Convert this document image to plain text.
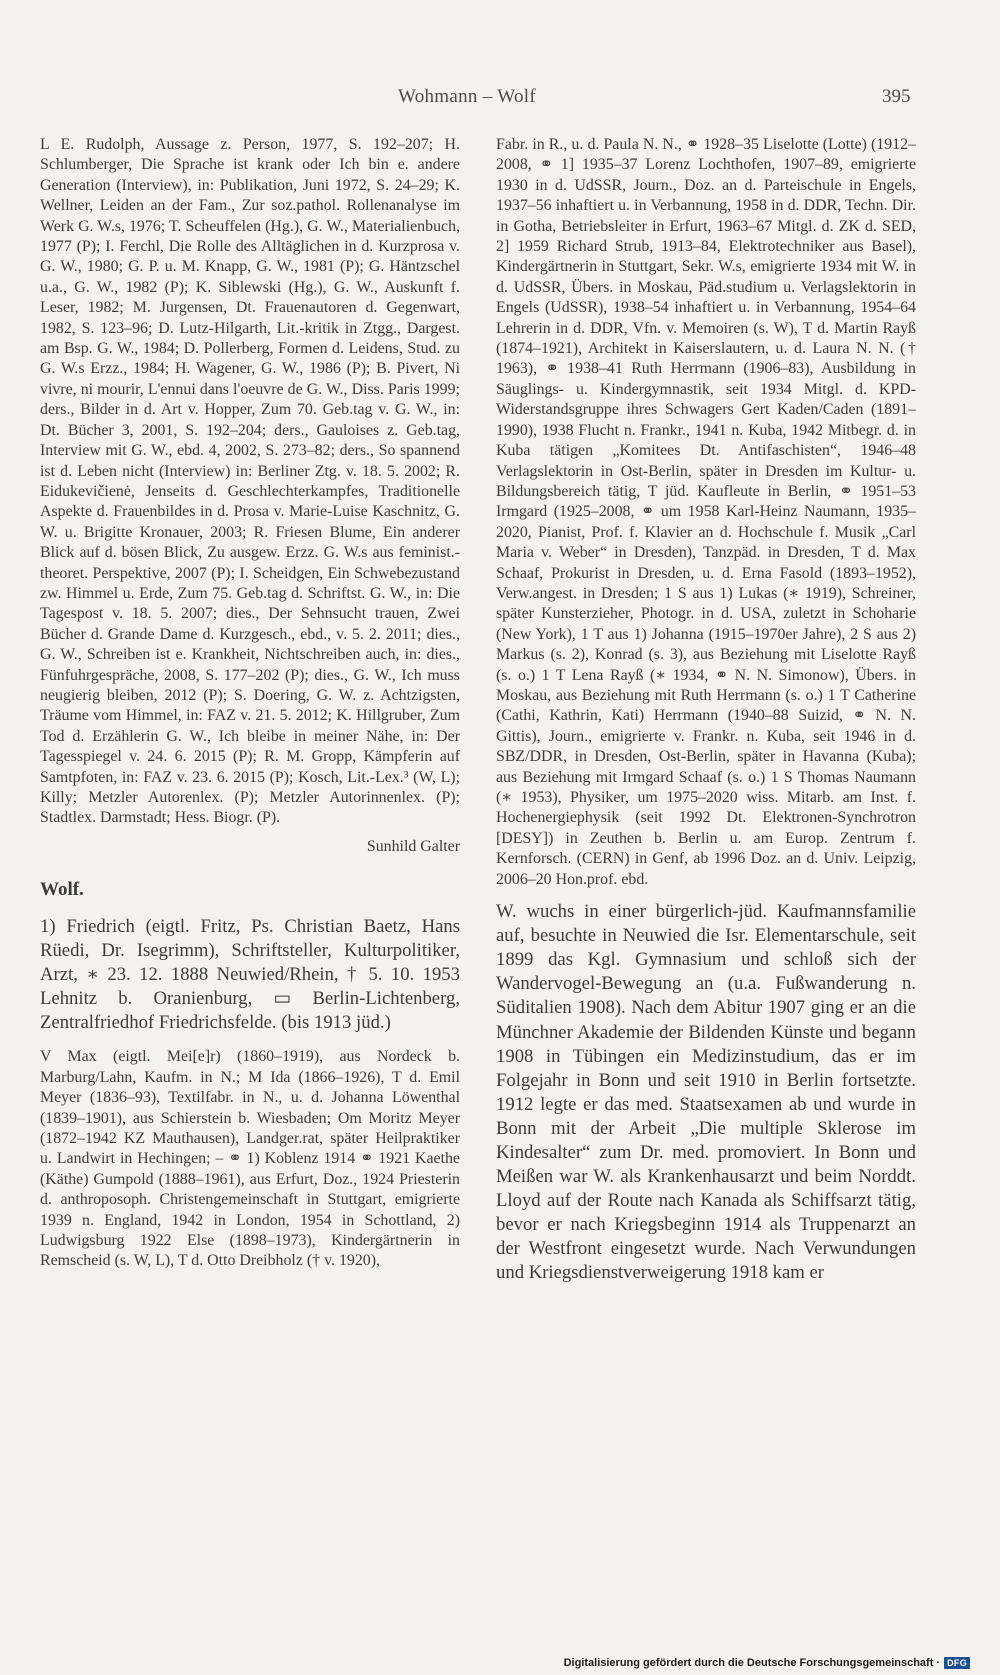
Wohmann – Wolf	395

L E. Rudolph, Aussage z. Person, 1977, S. 192–207; H. Schlumberger, Die Sprache ist krank oder Ich bin e. andere Generation (Interview), in: Publikation, Juni 1972, S. 24–29; K. Wellner, Leiden an der Fam., Zur soz.pathol. Rollenanalyse im Werk G. W.s, 1976; T. Scheuffelen (Hg.), G. W., Materialienbuch, 1977 (P); I. Ferchl, Die Rolle des Alltäglichen in d. Kurzprosa v. G. W., 1980; G. P. u. M. Knapp, G. W., 1981 (P); G. Häntzschel u.a., G. W., 1982 (P); K. Siblewski (Hg.), G. W., Auskunft f. Leser, 1982; M. Jurgensen, Dt. Frauenautoren d. Gegenwart, 1982, S. 123–96; D. Lutz-Hilgarth, Lit.-kritik in Ztgg., Dargest. am Bsp. G. W., 1984; D. Pollerberg, Formen d. Leidens, Stud. zu G. W.s Erzz., 1984; H. Wagener, G. W., 1986 (P); B. Pivert, Ni vivre, ni mourir, L'ennui dans l'oeuvre de G. W., Diss. Paris 1999; ders., Bilder in d. Art v. Hopper, Zum 70. Geb.tag v. G. W., in: Dt. Bücher 3, 2001, S. 192–204; ders., Gauloises z. Geb.tag, Interview mit G. W., ebd. 4, 2002, S. 273–82; ders., So spannend ist d. Leben nicht (Interview) in: Berliner Ztg. v. 18. 5. 2002; R. Eidukevičienė, Jenseits d. Geschlechterkampfes, Traditionelle Aspekte d. Frauenbildes in d. Prosa v. Marie-Luise Kaschnitz, G. W. u. Brigitte Kronauer, 2003; R. Friesen Blume, Ein anderer Blick auf d. bösen Blick, Zu ausgew. Erzz. G. W.s aus feminist.-theoret. Perspektive, 2007 (P); I. Scheidgen, Ein Schwebezustand zw. Himmel u. Erde, Zum 75. Geb.tag d. Schriftst. G. W., in: Die Tagespost v. 18. 5. 2007; dies., Der Sehnsucht trauen, Zwei Bücher d. Grande Dame d. Kurzgesch., ebd., v. 5. 2. 2011; dies., G. W., Schreiben ist e. Krankheit, Nichtschreiben auch, in: dies., Fünfuhrgespräche, 2008, S. 177–202 (P); dies., G. W., Ich muss neugierig bleiben, 2012 (P); S. Doering, G. W. z. Achtzigsten, Träume vom Himmel, in: FAZ v. 21. 5. 2012; K. Hillgruber, Zum Tod d. Erzählerin G. W., Ich bleibe in meiner Nähe, in: Der Tagesspiegel v. 24. 6. 2015 (P); R. M. Gropp, Kämpferin auf Samtpfoten, in: FAZ v. 23. 6. 2015 (P); Kosch, Lit.-Lex.³ (W, L); Killy; Metzler Autorenlex. (P); Metzler Autorinnenlex. (P); Stadtlex. Darmstadt; Hess. Biogr. (P).

Sunhild Galter
Wolf.

1) Friedrich (eigtl. Fritz, Ps. Christian Baetz, Hans Rüedi, Dr. Isegrimm), Schriftsteller, Kulturpolitiker, Arzt, ∗ 23. 12. 1888 Neuwied/Rhein, † 5. 10. 1953 Lehnitz b. Oranienburg, ▭ Berlin-Lichtenberg, Zentralfriedhof Friedrichsfelde. (bis 1913 jüd.)

V Max (eigtl. Mei[e]r) (1860–1919), aus Nordeck b. Marburg/Lahn, Kaufm. in N.; M Ida (1866–1926), T d. Emil Meyer (1836–93), Textilfabr. in N., u. d. Johanna Löwenthal (1839–1901), aus Schierstein b. Wiesbaden; Om Moritz Meyer (1872–1942 KZ Mauthausen), Landger.rat, später Heilpraktiker u. Landwirt in Hechingen; – ⚭ 1) Koblenz 1914 ⚭ 1921 Kaethe (Käthe) Gumpold (1888–1961), aus Erfurt, Doz., 1924 Priesterin d. anthroposoph. Christengemeinschaft in Stuttgart, emigrierte 1939 n. England, 1942 in London, 1954 in Schottland, 2) Ludwigsburg 1922 Else (1898–1973), Kindergärtnerin in Remscheid (s. W, L), T d. Otto Dreibholz († v. 1920),

Fabr. in R., u. d. Paula N. N., ⚭ 1928–35 Liselotte (Lotte) (1912–2008, ⚭ 1] 1935–37 Lorenz Lochthofen, 1907–89, emigrierte 1930 in d. UdSSR, Journ., Doz. an d. Parteischule in Engels, 1937–56 inhaftiert u. in Verbannung, 1958 in d. DDR, Techn. Dir. in Gotha, Betriebsleiter in Erfurt, 1963–67 Mitgl. d. ZK d. SED, 2] 1959 Richard Strub, 1913–84, Elektrotechniker aus Basel), Kindergärtnerin in Stuttgart, Sekr. W.s, emigrierte 1934 mit W. in d. UdSSR, Übers. in Moskau, Päd.studium u. Verlagslektorin in Engels (UdSSR), 1938–54 inhaftiert u. in Verbannung, 1954–64 Lehrerin in d. DDR, Vfn. v. Memoiren (s. W), T d. Martin Rayß (1874–1921), Architekt in Kaiserslautern, u. d. Laura N. N. († 1963), ⚭ 1938–41 Ruth Herrmann (1906–83), Ausbildung in Säuglings- u. Kindergymnastik, seit 1934 Mitgl. d. KPD-Widerstandsgruppe ihres Schwagers Gert Kaden/Caden (1891–1990), 1938 Flucht n. Frankr., 1941 n. Kuba, 1942 Mitbegr. d. in Kuba tätigen „Komitees Dt. Antifaschisten“, 1946–48 Verlagslektorin in Ost-Berlin, später in Dresden im Kultur- u. Bildungsbereich tätig, T jüd. Kaufleute in Berlin, ⚭ 1951–53 Irmgard (1925–2008, ⚭ um 1958 Karl-Heinz Naumann, 1935–2020, Pianist, Prof. f. Klavier an d. Hochschule f. Musik „Carl Maria v. Weber“ in Dresden), Tanzpäd. in Dresden, T d. Max Schaaf, Prokurist in Dresden, u. d. Erna Fasold (1893–1952), Verw.angest. in Dresden; 1 S aus 1) Lukas (∗ 1919), Schreiner, später Kunsterzieher, Photogr. in d. USA, zuletzt in Schoharie (New York), 1 T aus 1) Johanna (1915–1970er Jahre), 2 S aus 2) Markus (s. 2), Konrad (s. 3), aus Beziehung mit Liselotte Rayß (s. o.) 1 T Lena Rayß (∗ 1934, ⚭ N. N. Simonow), Übers. in Moskau, aus Beziehung mit Ruth Herrmann (s. o.) 1 T Catherine (Cathi, Kathrin, Kati) Herrmann (1940–88 Suizid, ⚭ N. N. Gittis), Journ., emigrierte v. Frankr. n. Kuba, seit 1946 in d. SBZ/DDR, in Dresden, Ost-Berlin, später in Havanna (Kuba); aus Beziehung mit Irmgard Schaaf (s. o.) 1 S Thomas Naumann (∗ 1953), Physiker, um 1975–2020 wiss. Mitarb. am Inst. f. Hochenergiephysik (seit 1992 Dt. Elektronen-Synchrotron [DESY]) in Zeuthen b. Berlin u. am Europ. Zentrum f. Kernforsch. (CERN) in Genf, ab 1996 Doz. an d. Univ. Leipzig, 2006–20 Hon.prof. ebd.

W. wuchs in einer bürgerlich-jüd. Kaufmannsfamilie auf, besuchte in Neuwied die Isr. Elementarschule, seit 1899 das Kgl. Gymnasium und schloß sich der Wandervogel-Bewegung an (u.a. Fußwanderung n. Süditalien 1908). Nach dem Abitur 1907 ging er an die Münchner Akademie der Bildenden Künste und begann 1908 in Tübingen ein Medizinstudium, das er im Folgejahr in Bonn und seit 1910 in Berlin fortsetzte. 1912 legte er das med. Staatsexamen ab und wurde in Bonn mit der Arbeit „Die multiple Sklerose im Kindesalter“ zum Dr. med. promoviert. In Bonn und Meißen war W. als Krankenhausarzt und beim Norddt. Lloyd auf der Route nach Kanada als Schiffsarzt tätig, bevor er nach Kriegsbeginn 1914 als Truppenarzt an der Westfront eingesetzt wurde. Nach Verwundungen und Kriegsdienstverweigerung 1918 kam er

Digitalisierung gefördert durch die Deutsche Forschungsgemeinschaft · DFG
